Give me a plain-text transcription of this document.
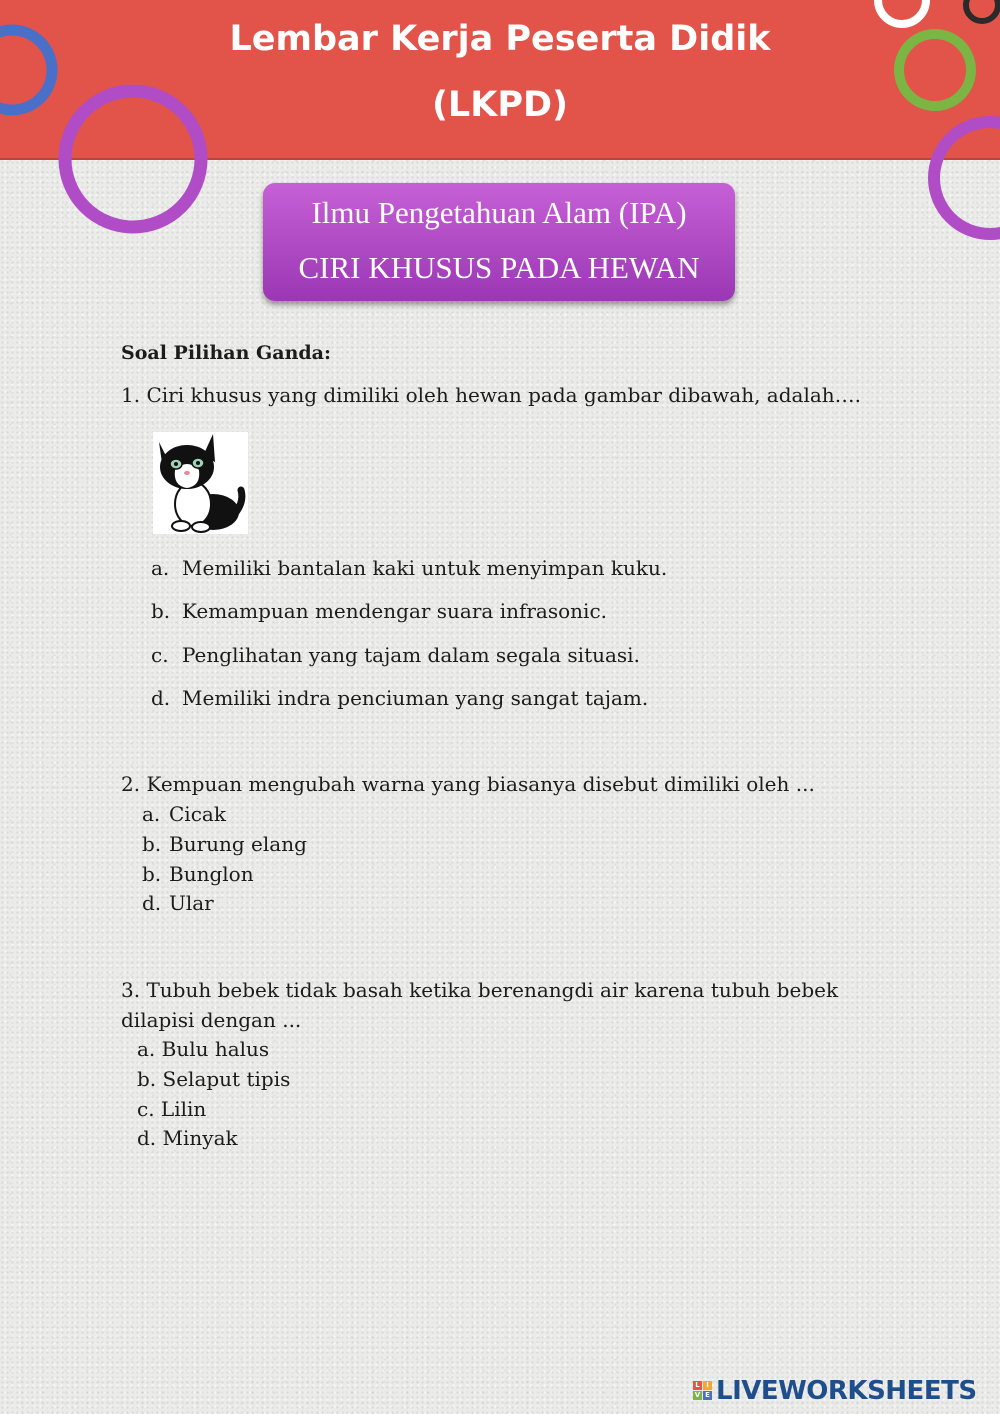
Lembar Kerja Peserta Didik
(LKPD)
Ilmu Pengetahuan Alam (IPA)
CIRI KHUSUS PADA HEWAN
Soal Pilihan Ganda:
1. Ciri khusus yang dimiliki oleh hewan pada gambar dibawah, adalah….
a. Memiliki bantalan kaki untuk menyimpan kuku.
b. Kemampuan mendengar suara infrasonic.
c. Penglihatan yang tajam dalam segala situasi.
d. Memiliki indra penciuman yang sangat tajam.
2. Kempuan mengubah warna yang biasanya disebut dimiliki oleh ...
a. Cicak
b. Burung elang
b. Bunglon
d. Ular
3. Tubuh bebek tidak basah ketika berenangdi air karena tubuh bebek
dilapisi dengan ...
a. Bulu halus
b. Selaput tipis
c. Lilin
d. Minyak
L I
V E LIVEWORKSHEETS
